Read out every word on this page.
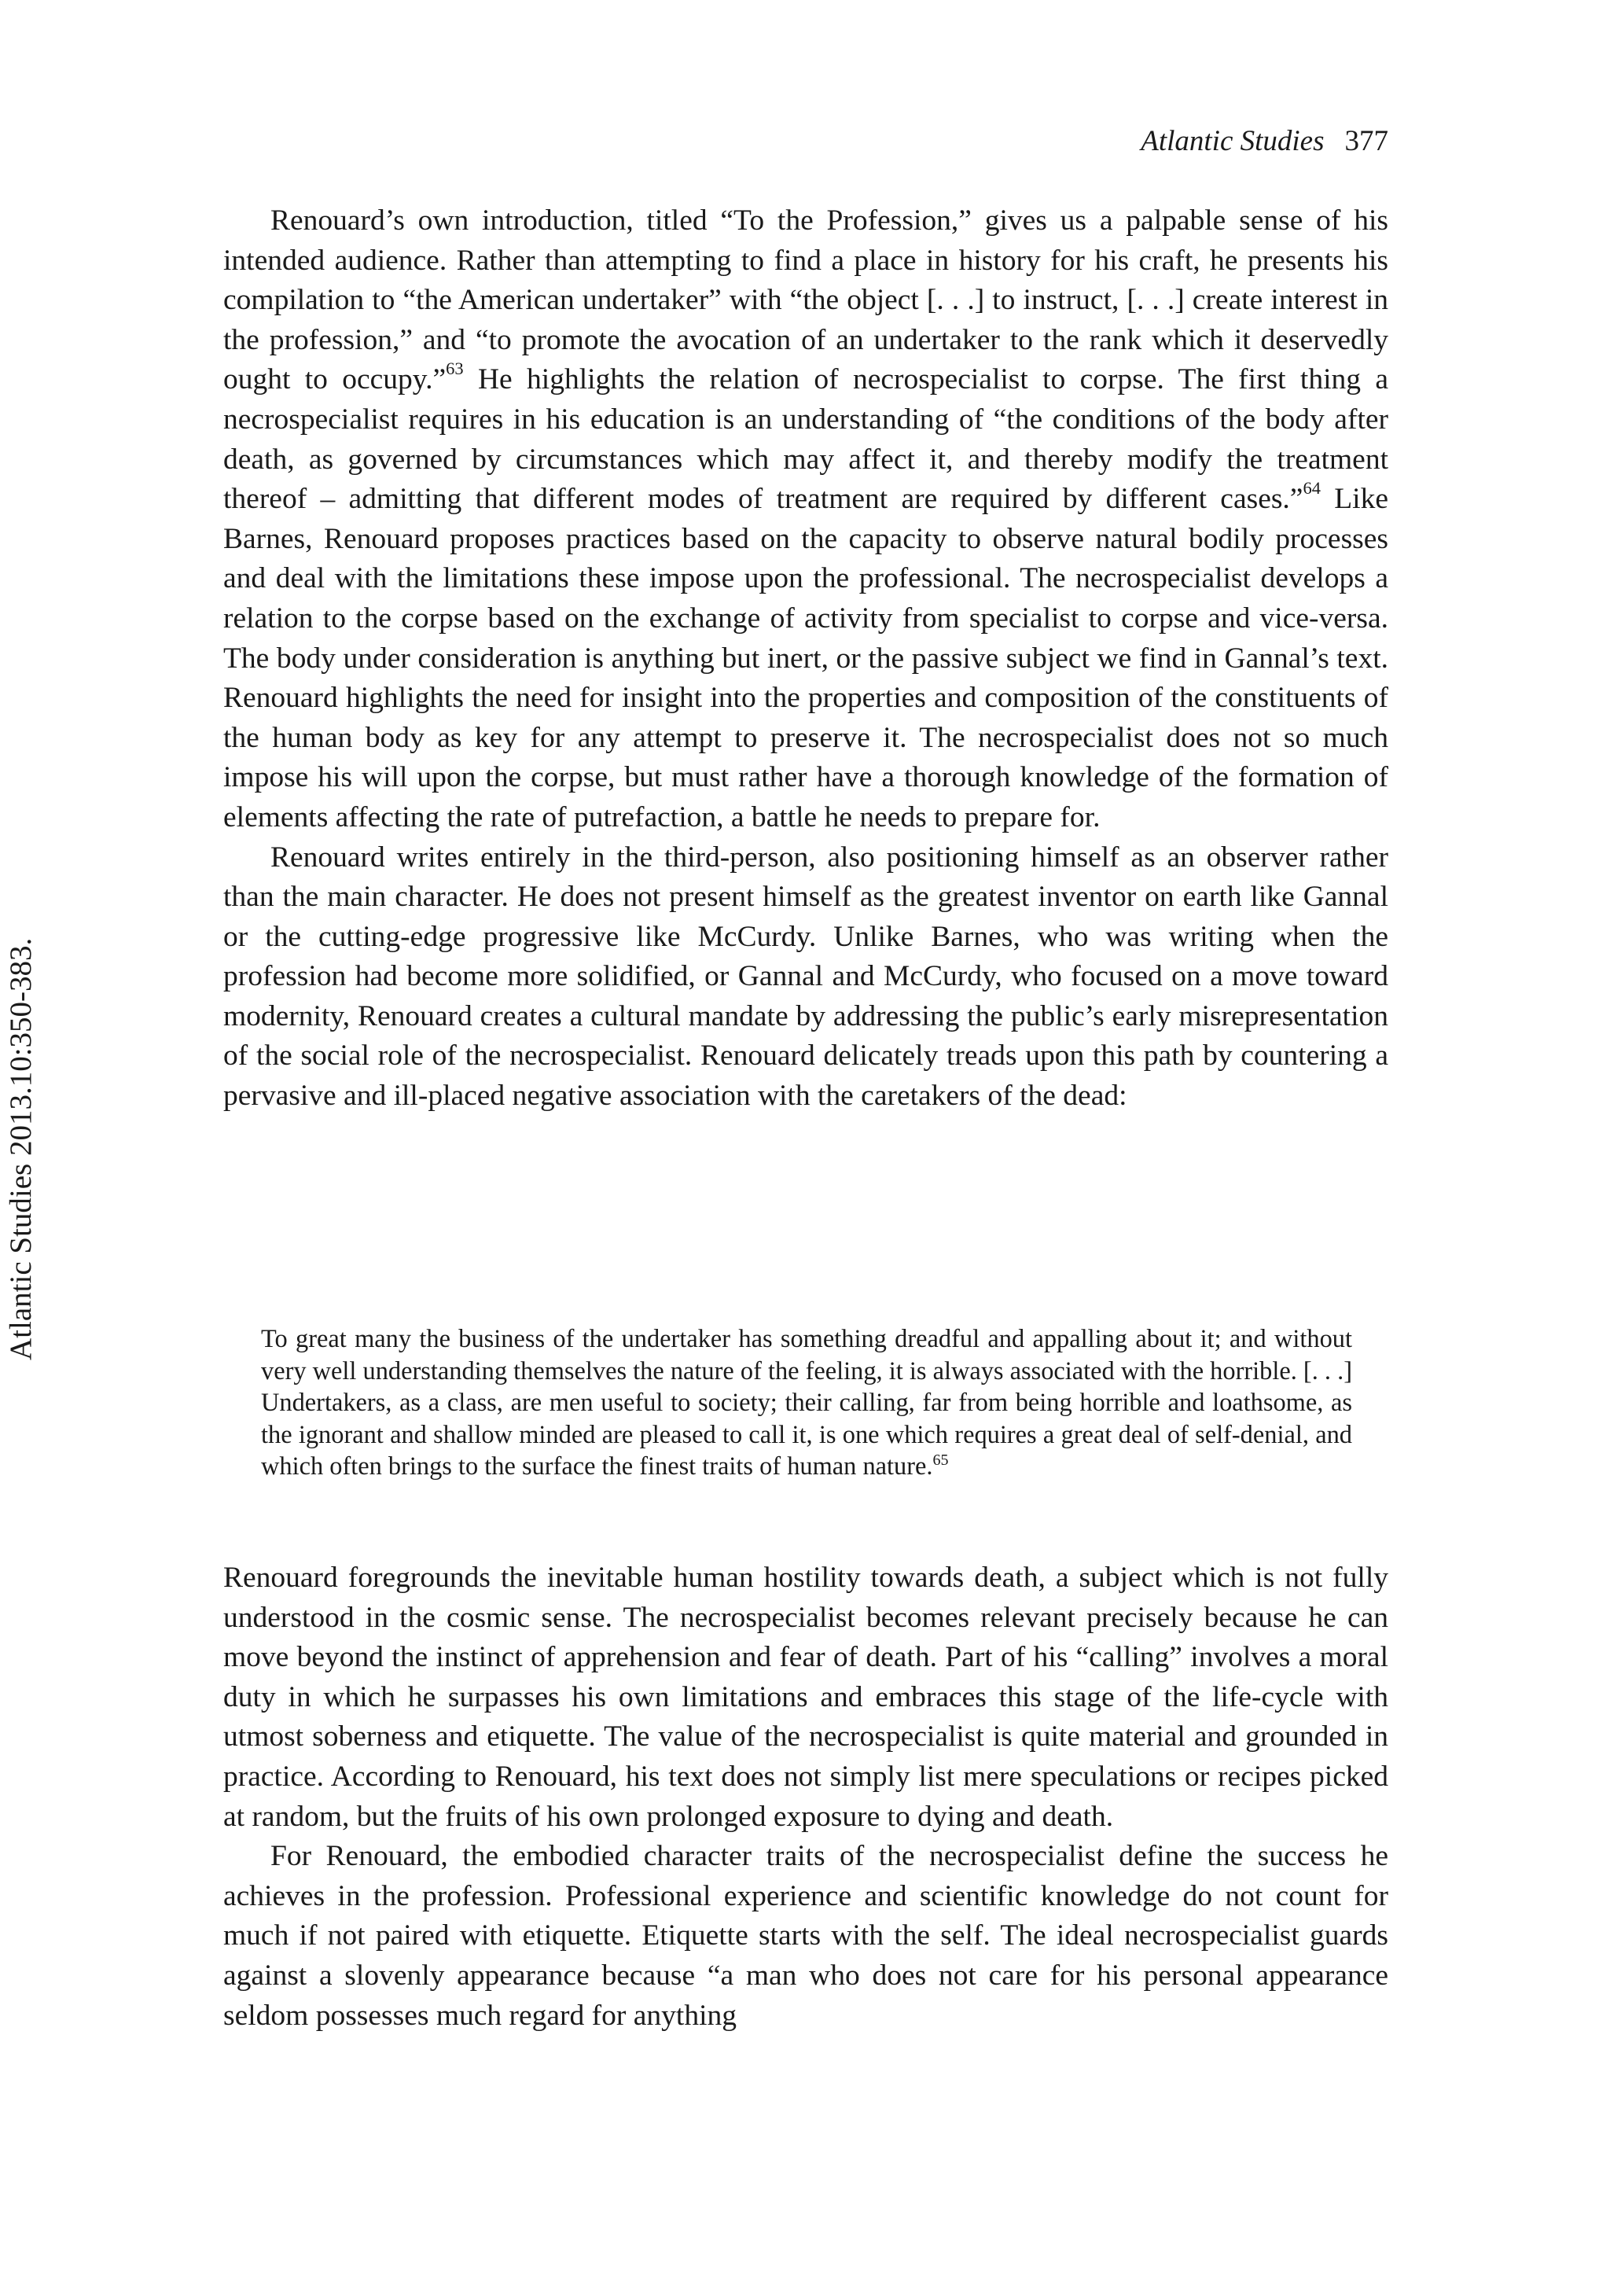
Atlantic Studies 377
Atlantic Studies 2013.10:350-383.

Renouard’s own introduction, titled “To the Profession,” gives us a palpable sense of his intended audience. Rather than attempting to find a place in history for his craft, he presents his compilation to “the American undertaker” with “the object [. . .] to instruct, [. . .] create interest in the profession,” and “to promote the avocation of an undertaker to the rank which it deservedly ought to occupy.”$^{63}$ He highlights the relation of necrospecialist to corpse. The first thing a necrospecialist requires in his education is an understanding of “the conditions of the body after death, as governed by circumstances which may affect it, and thereby modify the treatment thereof – admitting that different modes of treatment are required by different cases.”$^{64}$ Like Barnes, Renouard proposes practices based on the capacity to observe natural bodily processes and deal with the limitations these impose upon the professional. The necrospecialist develops a relation to the corpse based on the exchange of activity from specialist to corpse and vice-versa. The body under consideration is anything but inert, or the passive subject we find in Gannal’s text. Renouard highlights the need for insight into the properties and composition of the constituents of the human body as key for any attempt to preserve it. The necrospecialist does not so much impose his will upon the corpse, but must rather have a thorough knowledge of the formation of elements affecting the rate of putrefaction, a battle he needs to prepare for.

Renouard writes entirely in the third-person, also positioning himself as an observer rather than the main character. He does not present himself as the greatest inventor on earth like Gannal or the cutting-edge progressive like McCurdy. Unlike Barnes, who was writing when the profession had become more solidified, or Gannal and McCurdy, who focused on a move toward modernity, Renouard creates a cultural mandate by addressing the public’s early misrepresentation of the social role of the necrospecialist. Renouard delicately treads upon this path by countering a pervasive and ill-placed negative association with the caretakers of the dead:

To great many the business of the undertaker has something dreadful and appalling about it; and without very well understanding themselves the nature of the feeling, it is always associated with the horrible. [. . .] Undertakers, as a class, are men useful to society; their calling, far from being horrible and loathsome, as the ignorant and shallow minded are pleased to call it, is one which requires a great deal of self-denial, and which often brings to the surface the finest traits of human nature.$^{65}$

Renouard foregrounds the inevitable human hostility towards death, a subject which is not fully understood in the cosmic sense. The necrospecialist becomes relevant precisely because he can move beyond the instinct of apprehension and fear of death. Part of his “calling” involves a moral duty in which he surpasses his own limitations and embraces this stage of the life-cycle with utmost soberness and etiquette. The value of the necrospecialist is quite material and grounded in practice. According to Renouard, his text does not simply list mere speculations or recipes picked at random, but the fruits of his own prolonged exposure to dying and death.

For Renouard, the embodied character traits of the necrospecialist define the success he achieves in the profession. Professional experience and scientific knowledge do not count for much if not paired with etiquette. Etiquette starts with the self. The ideal necrospecialist guards against a slovenly appearance because “a man who does not care for his personal appearance seldom possesses much regard for anything
